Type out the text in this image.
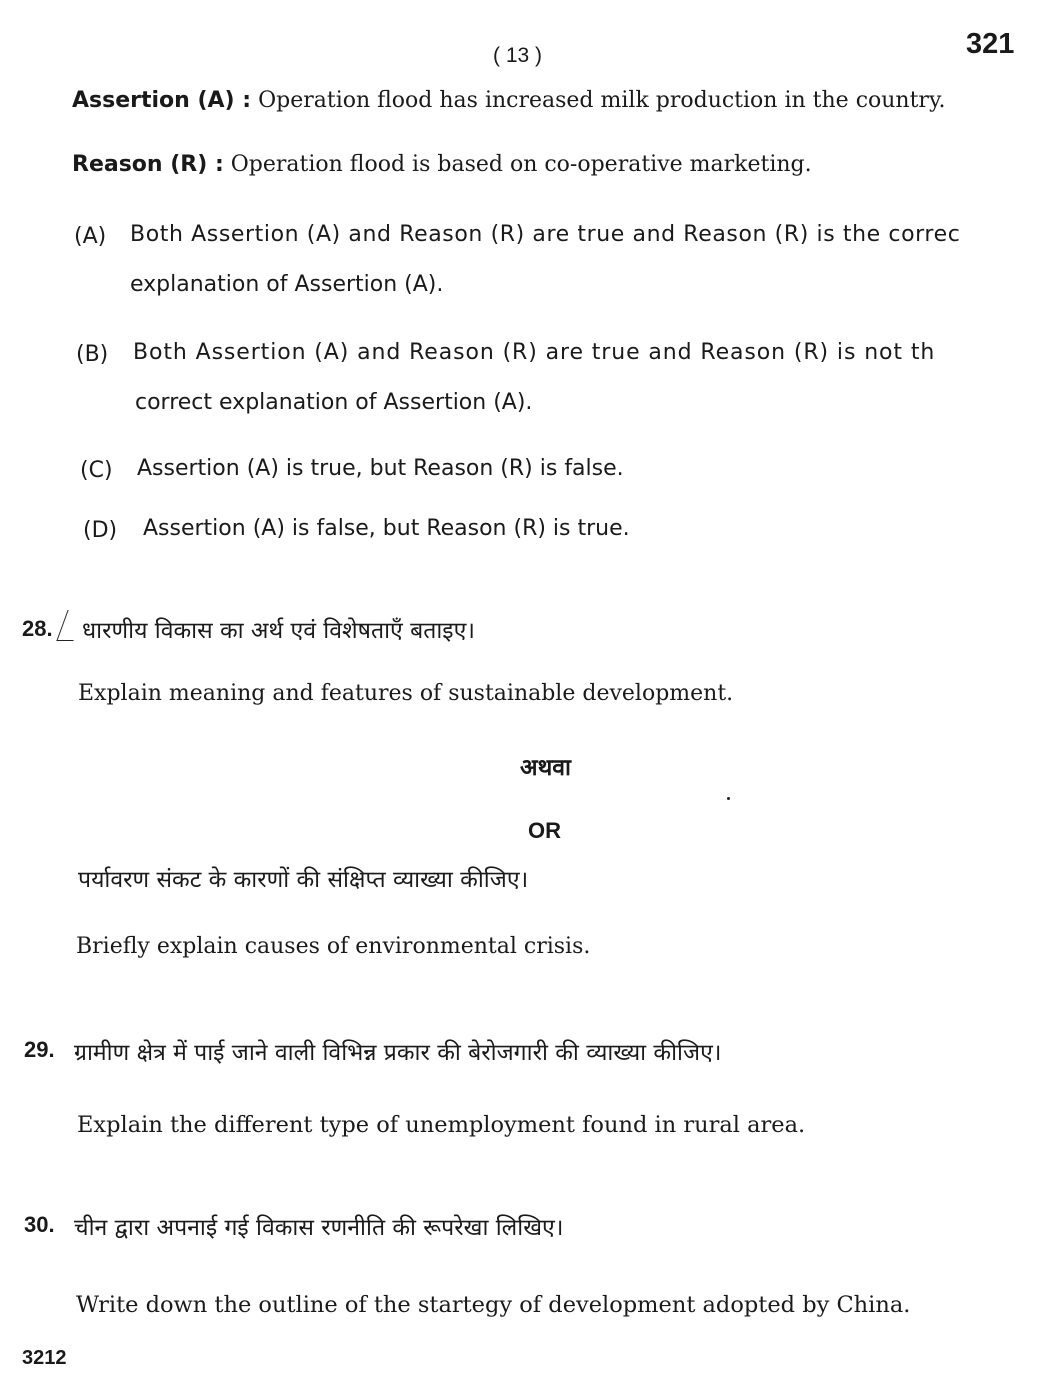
( 13 )	321
Assertion (A) : Operation flood has increased milk production in the country.
Reason (R) : Operation flood is based on co-operative marketing.
(A) Both Assertion (A) and Reason (R) are true and Reason (R) is the correc
explanation of Assertion (A).
(B) Both Assertion (A) and Reason (R) are true and Reason (R) is not th
correct explanation of Assertion (A).
(C) Assertion (A) is true, but Reason (R) is false.
(D) Assertion (A) is false, but Reason (R) is true.
28. धारणीय विकास का अर्थ एवं विशेषताएँ बताइए।
Explain meaning and features of sustainable development.
अथवा
OR
पर्यावरण संकट के कारणों की संक्षिप्त व्याख्या कीजिए।
Briefly explain causes of environmental crisis.
29. ग्रामीण क्षेत्र में पाई जाने वाली विभिन्न प्रकार की बेरोजगारी की व्याख्या कीजिए।
Explain the different type of unemployment found in rural area.
30. चीन द्वारा अपनाई गई विकास रणनीति की रूपरेखा लिखिए।
Write down the outline of the startegy of development adopted by China.
3212
